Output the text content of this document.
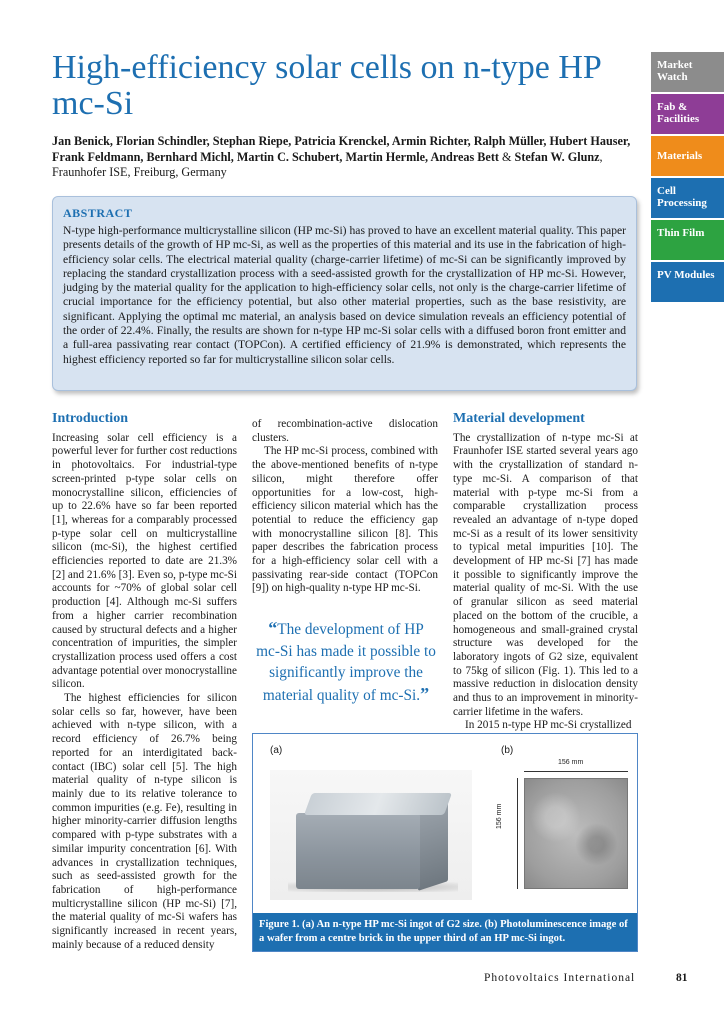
High-efficiency solar cells on n-type HP mc-Si
Jan Benick, Florian Schindler, Stephan Riepe, Patricia Krenckel, Armin Richter, Ralph Müller, Hubert Hauser, Frank Feldmann, Bernhard Michl, Martin C. Schubert, Martin Hermle, Andreas Bett & Stefan W. Glunz, Fraunhofer ISE, Freiburg, Germany
Market Watch
Fab & Facilities
Materials
Cell Processing
Thin Film
PV Modules
ABSTRACT

N-type high-performance multicrystalline silicon (HP mc-Si) has proved to have an excellent material quality. This paper presents details of the growth of HP mc-Si, as well as the properties of this material and its use in the fabrication of high-efficiency solar cells. The electrical material quality (charge-carrier lifetime) of mc-Si can be significantly improved by replacing the standard crystallization process with a seed-assisted growth for the crystallization of HP mc-Si. However, judging by the material quality for the application to high-efficiency solar cells, not only is the charge-carrier lifetime of crucial importance for the efficiency potential, but also other material properties, such as the base resistivity, are significant. Applying the optimal mc material, an analysis based on device simulation reveals an efficiency potential of the order of 22.4%. Finally, the results are shown for n-type HP mc-Si solar cells with a diffused boron front emitter and a full-area passivating rear contact (TOPCon). A certified efficiency of 21.9% is demonstrated, which represents the highest efficiency reported so far for multicrystalline silicon solar cells.

Introduction

Increasing solar cell efficiency is a powerful lever for further cost reductions in photovoltaics. For industrial-type screen-printed p-type solar cells on monocrystalline silicon, efficiencies of up to 22.6% have so far been reported [1], whereas for a comparably processed p-type solar cell on multicrystalline silicon (mc-Si), the highest certified efficiencies reported to date are 21.3% [2] and 21.6% [3]. Even so, p-type mc-Si accounts for ~70% of global solar cell production [4]. Although mc-Si suffers from a higher carrier recombination caused by structural defects and a higher concentration of impurities, the simpler crystallization process used offers a cost advantage potential over monocrystalline silicon.

The highest efficiencies for silicon solar cells so far, however, have been achieved with n-type silicon, with a record efficiency of 26.7% being reported for an interdigitated back-contact (IBC) solar cell [5]. The high material quality of n-type silicon is mainly due to its relative tolerance to common impurities (e.g. Fe), resulting in higher minority-carrier diffusion lengths compared with p-type substrates with a similar impurity concentration [6]. With advances in crystallization techniques, such as seed-assisted growth for the fabrication of high-performance multicrystalline silicon (HP mc-Si) [7], the material quality of mc-Si wafers has significantly increased in recent years, mainly because of a reduced density

of recombination-active dislocation clusters.

The HP mc-Si process, combined with the above-mentioned benefits of n-type silicon, might therefore offer opportunities for a low-cost, high-efficiency silicon material which has the potential to reduce the efficiency gap with monocrystalline silicon [8]. This paper describes the fabrication process for a high-efficiency solar cell with a passivating rear-side contact (TOPCon [9]) on high-quality n-type HP mc-Si.

“The development of HP mc-Si has made it possible to significantly improve the material quality of mc-Si.”
Material development

The crystallization of n-type mc-Si at Fraunhofer ISE started several years ago with the crystallization of standard n-type mc-Si. A comparison of that material with p-type mc-Si from a comparable crystallization process revealed an advantage of n-type doped mc-Si as a result of its lower sensitivity to typical metal impurities [10]. The development of HP mc-Si [7] has made it possible to significantly improve the material quality of mc-Si. With the use of granular silicon as seed material placed on the bottom of the crucible, a homogeneous and small-grained crystal structure was developed for the laboratory ingots of G2 size, equivalent to 75kg of silicon (Fig. 1). This led to a massive reduction in dislocation density and thus to an improvement in minority-carrier lifetime in the wafers.

In 2015 n-type HP mc-Si crystallized

(a)	(b)
156 mm
156 mm
Figure 1. (a) An n-type HP mc-Si ingot of G2 size. (b) Photoluminescence image of a wafer from a centre brick in the upper third of an HP mc-Si ingot.
Photovoltaics International	81
